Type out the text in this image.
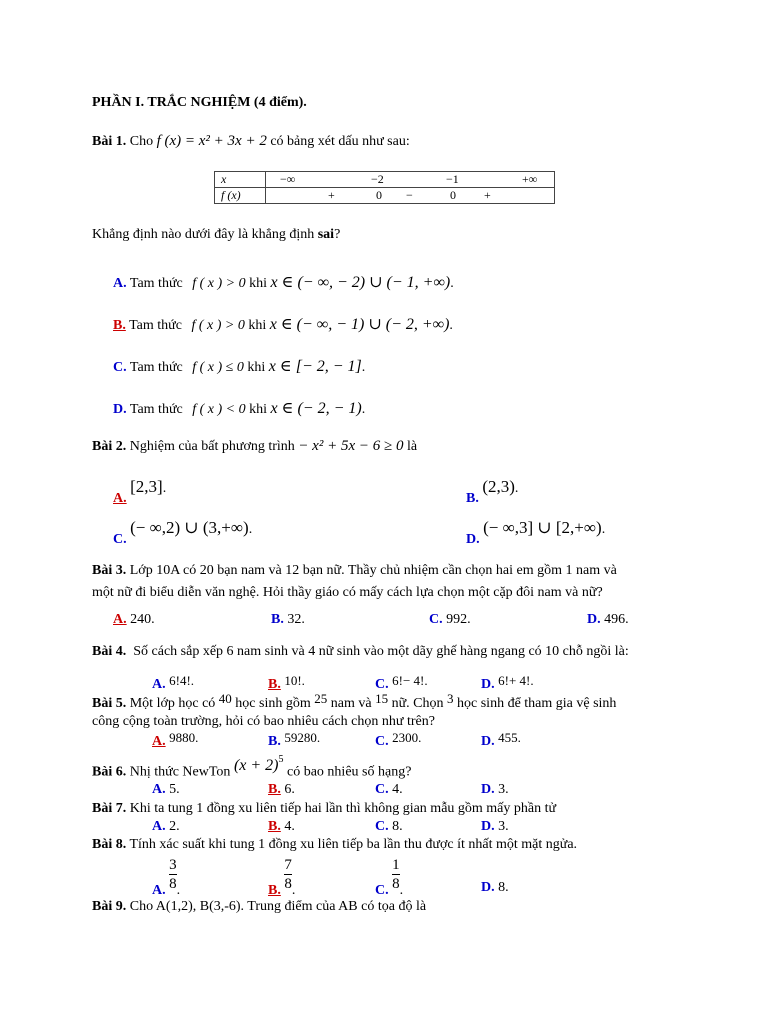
PHẦN I. TRẮC NGHIỆM (4 điểm).
Bài 1. Cho f (x) = x² + 3x + 2 có bảng xét dấu như sau:
x	−∞ −2 −1 +∞

f (x)	+ 0 − 0 +
Khẳng định nào dưới đây là khẳng định sai?
A. Tam thức f ( x ) > 0 khi x ∈ (− ∞, − 2) ∪ (− 1, +∞).
B. Tam thức f ( x ) > 0 khi x ∈ (− ∞, − 1) ∪ (− 2, +∞).
C. Tam thức f ( x ) ≤ 0 khi x ∈ [− 2, − 1].
D. Tam thức f ( x ) < 0 khi x ∈ (− 2, − 1).
Bài 2. Nghiệm của bất phương trình − x² + 5x − 6 ≥ 0 là
A. [2,3].
B. (2,3).
C. (− ∞,2) ∪ (3,+∞).
D. (− ∞,3] ∪ [2,+∞).
Bài 3. Lớp 10A có 20 bạn nam và 12 bạn nữ. Thầy chủ nhiệm cần chọn hai em gồm 1 nam và
một nữ đi biểu diễn văn nghệ. Hỏi thầy giáo có mấy cách lựa chọn một cặp đôi nam và nữ?
A. 240.	B. 32.	C. 992.	D. 496.
Bài 4. Số cách sắp xếp 6 nam sinh và 4 nữ sinh vào một dãy ghế hàng ngang có 10 chỗ ngồi là:
A. 6!4!.	B. 10!.	C. 6!− 4!.	D. 6!+ 4!.
Bài 5. Một lớp học có 40 học sinh gồm 25 nam và 15 nữ. Chọn 3 học sinh để tham gia vệ sinh
công cộng toàn trường, hỏi có bao nhiêu cách chọn như trên?
A. 9880.	B. 59280.	C. 2300.	D. 455.
Bài 6. Nhị thức NewTon $(x + 2)^5$ có bao nhiêu số hạng?
A. 5.	B. 6.	C. 4.	D. 3.
Bài 7. Khi ta tung 1 đồng xu liên tiếp hai lần thì không gian mẫu gồm mấy phần tử
A. 2.	B. 4.	C. 8.	D. 3.
Bài 8. Tính xác suất khi tung 1 đồng xu liên tiếp ba lần thu được ít nhất một mặt ngửa.
A. $\frac{3}{8}$ .	B. $\frac{7}{8}$ .	C. $\frac{1}{8}$ .	D. 8.
Bài 9. Cho A(1,2), B(3,-6). Trung điểm của AB có tọa độ là
